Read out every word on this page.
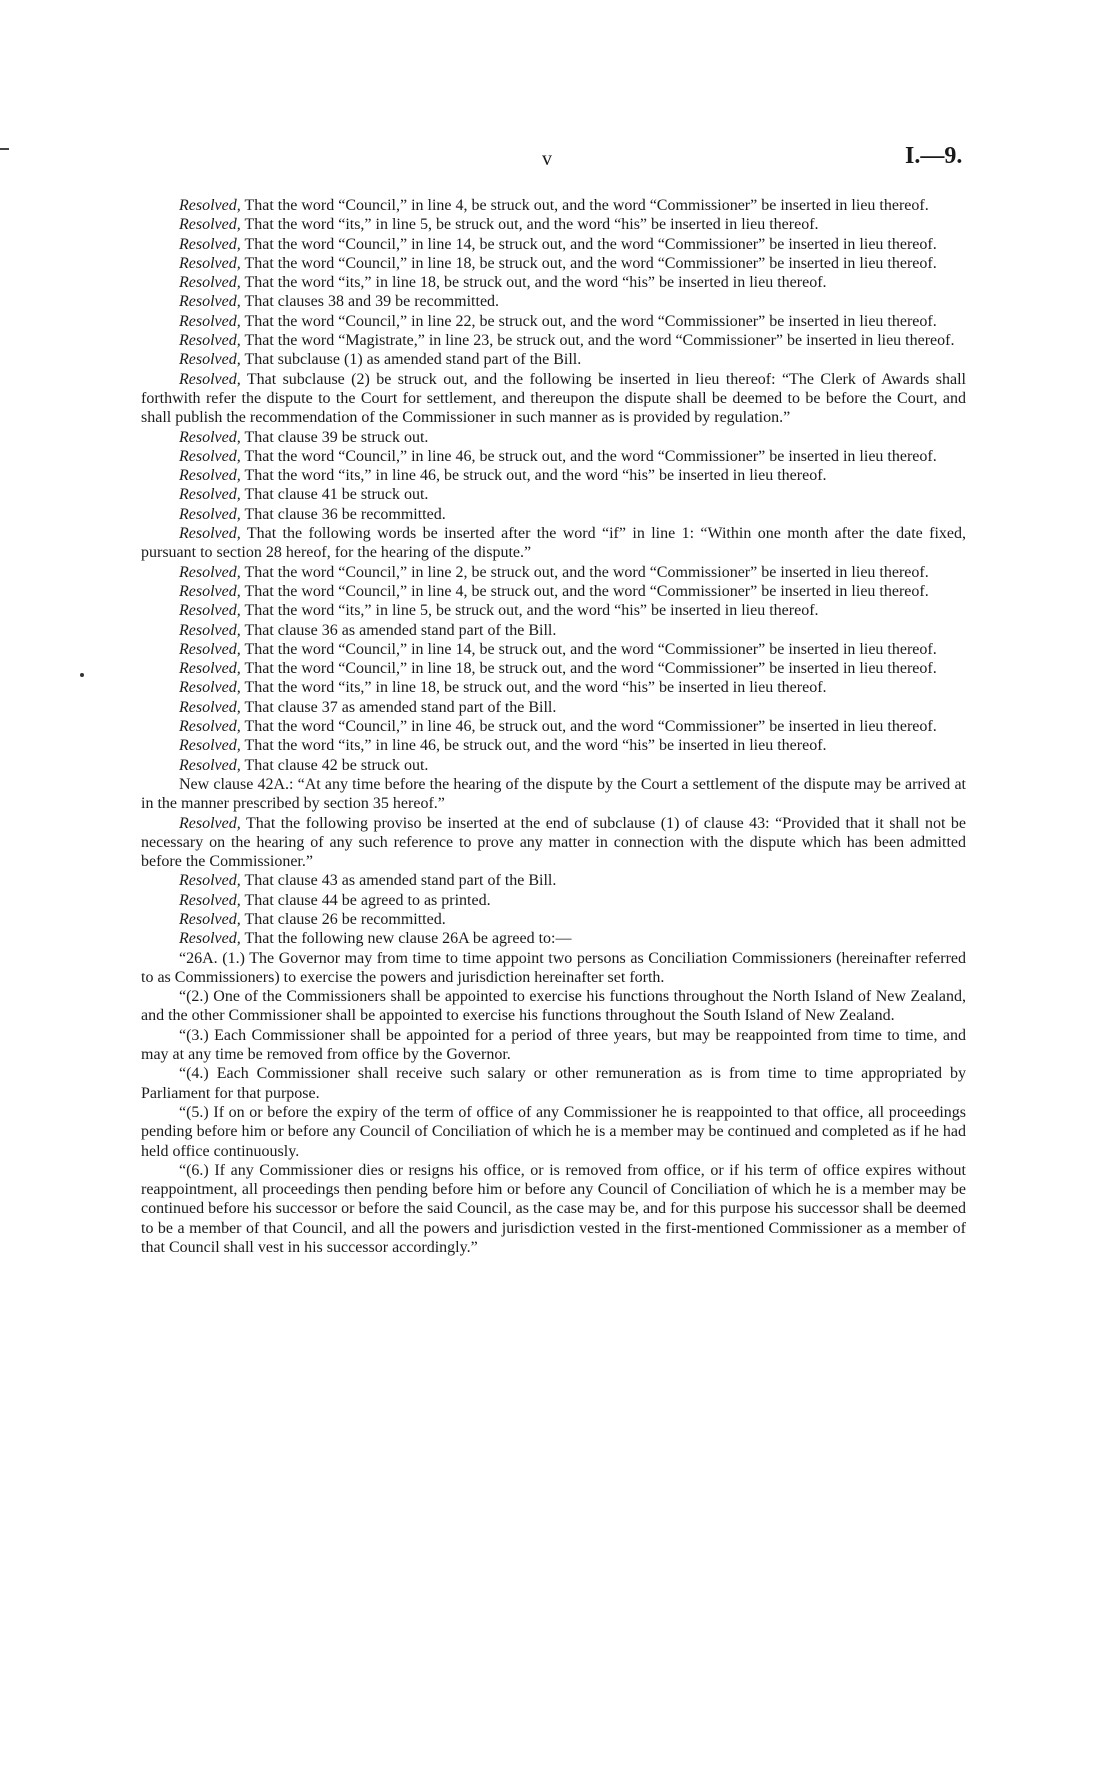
v	I.—9.

Resolved, That the word “Council,” in line 4, be struck out, and the word “Commissioner” be inserted in lieu thereof.

Resolved, That the word “its,” in line 5, be struck out, and the word “his” be inserted in lieu thereof.

Resolved, That the word “Council,” in line 14, be struck out, and the word “Commissioner” be inserted in lieu thereof.

Resolved, That the word “Council,” in line 18, be struck out, and the word “Commissioner” be inserted in lieu thereof.

Resolved, That the word “its,” in line 18, be struck out, and the word “his” be inserted in lieu thereof.

Resolved, That clauses 38 and 39 be recommitted.

Resolved, That the word “Council,” in line 22, be struck out, and the word “Commissioner” be inserted in lieu thereof.

Resolved, That the word “Magistrate,” in line 23, be struck out, and the word “Commissioner” be inserted in lieu thereof.

Resolved, That subclause (1) as amended stand part of the Bill.

Resolved, That subclause (2) be struck out, and the following be inserted in lieu thereof: “The Clerk of Awards shall forthwith refer the dispute to the Court for settlement, and thereupon the dispute shall be deemed to be before the Court, and shall publish the recommendation of the Commissioner in such manner as is provided by regulation.”

Resolved, That clause 39 be struck out.

Resolved, That the word “Council,” in line 46, be struck out, and the word “Commissioner” be inserted in lieu thereof.

Resolved, That the word “its,” in line 46, be struck out, and the word “his” be inserted in lieu thereof.

Resolved, That clause 41 be struck out.

Resolved, That clause 36 be recommitted.

Resolved, That the following words be inserted after the word “if” in line 1: “Within one month after the date fixed, pursuant to section 28 hereof, for the hearing of the dispute.”

Resolved, That the word “Council,” in line 2, be struck out, and the word “Commissioner” be inserted in lieu thereof.

Resolved, That the word “Council,” in line 4, be struck out, and the word “Commissioner” be inserted in lieu thereof.

Resolved, That the word “its,” in line 5, be struck out, and the word “his” be inserted in lieu thereof.

Resolved, That clause 36 as amended stand part of the Bill.

Resolved, That the word “Council,” in line 14, be struck out, and the word “Commissioner” be inserted in lieu thereof.

Resolved, That the word “Council,” in line 18, be struck out, and the word “Commissioner” be inserted in lieu thereof.

Resolved, That the word “its,” in line 18, be struck out, and the word “his” be inserted in lieu thereof.

Resolved, That clause 37 as amended stand part of the Bill.

Resolved, That the word “Council,” in line 46, be struck out, and the word “Commissioner” be inserted in lieu thereof.

Resolved, That the word “its,” in line 46, be struck out, and the word “his” be inserted in lieu thereof.

Resolved, That clause 42 be struck out.

New clause 42A.: “At any time before the hearing of the dispute by the Court a settlement of the dispute may be arrived at in the manner prescribed by section 35 hereof.”

Resolved, That the following proviso be inserted at the end of subclause (1) of clause 43: “Provided that it shall not be necessary on the hearing of any such reference to prove any matter in connection with the dispute which has been admitted before the Commissioner.”

Resolved, That clause 43 as amended stand part of the Bill.

Resolved, That clause 44 be agreed to as printed.

Resolved, That clause 26 be recommitted.

Resolved, That the following new clause 26A be agreed to:—

“26A. (1.) The Governor may from time to time appoint two persons as Conciliation Commissioners (hereinafter referred to as Commissioners) to exercise the powers and jurisdiction hereinafter set forth.

“(2.) One of the Commissioners shall be appointed to exercise his functions throughout the North Island of New Zealand, and the other Commissioner shall be appointed to exercise his functions throughout the South Island of New Zealand.

“(3.) Each Commissioner shall be appointed for a period of three years, but may be reappointed from time to time, and may at any time be removed from office by the Governor.

“(4.) Each Commissioner shall receive such salary or other remuneration as is from time to time appropriated by Parliament for that purpose.

“(5.) If on or before the expiry of the term of office of any Commissioner he is reappointed to that office, all proceedings pending before him or before any Council of Conciliation of which he is a member may be continued and completed as if he had held office continuously.

“(6.) If any Commissioner dies or resigns his office, or is removed from office, or if his term of office expires without reappointment, all proceedings then pending before him or before any Council of Conciliation of which he is a member may be continued before his successor or before the said Council, as the case may be, and for this purpose his successor shall be deemed to be a member of that Council, and all the powers and jurisdiction vested in the first-mentioned Commissioner as a member of that Council shall vest in his successor accordingly.”
